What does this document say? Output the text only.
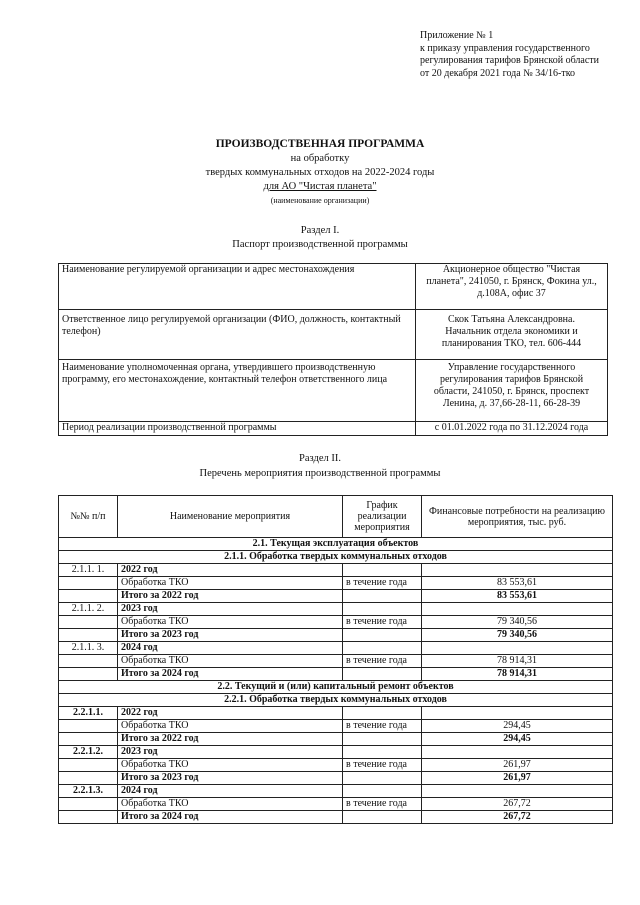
Приложение № 1
к приказу управления государственного
регулирования тарифов Брянской области
от 20 декабря 2021 года № 34/16-тко
ПРОИЗВОДСТВЕННАЯ ПРОГРАММА
на обработку
твердых коммунальных отходов на 2022-2024 годы
для АО "Чистая планета"
(наименование организации)
Раздел I.
Паспорт производственной программы
Наименование регулируемой организации и адрес местонахождения	Акционерное общество "Чистая
планета", 241050, г. Брянск, Фокина ул.,
д.108А, офис 37

Ответственное лицо регулируемой организации (ФИО, должность, контактный телефон)	Скок Татьяна Александровна.
Начальник отдела экономики и
планирования ТКО, тел. 606-444

Наименование уполномоченная органа, утвердившего производственную программу, его местонахождение, контактный телефон ответственного лица	Управление государственного
регулирования тарифов Брянской
области, 241050, г. Брянск, проспект
Ленина, д. 37,66-28-11, 66-28-39

Период реализации производственной программы	с 01.01.2022 года по 31.12.2024 года
Раздел II.
Перечень мероприятия производственной программы
№№ п/п	Наименование мероприятия	График реализации мероприятия	Финансовые потребности на реализацию мероприятия, тыс. руб.
2.1. Текущая эксплуатация объектов			
2.1.1. Обработка твердых коммунальных отходов			
2.1.1. 1.	2022 год		
	Обработка ТКО	в течение года	83 553,61
	Итого за 2022 год		83 553,61
2.1.1. 2.	2023 год		
	Обработка ТКО	в течение года	79 340,56
	Итого за 2023 год		79 340,56
2.1.1. 3.	2024 год		
	Обработка ТКО	в течение года	78 914,31
	Итого за 2024 год		78 914,31
2.2. Текущий и (или) капитальный ремонт объектов			
2.2.1. Обработка твердых коммунальных отходов			
2.2.1.1.	2022 год		
	Обработка ТКО	в течение года	294,45
	Итого за 2022 год		294,45
2.2.1.2.	2023 год		
	Обработка ТКО	в течение года	261,97
	Итого за 2023 год		261,97
2.2.1.3.	2024 год		
	Обработка ТКО	в течение года	267,72
	Итого за 2024 год		267,72
